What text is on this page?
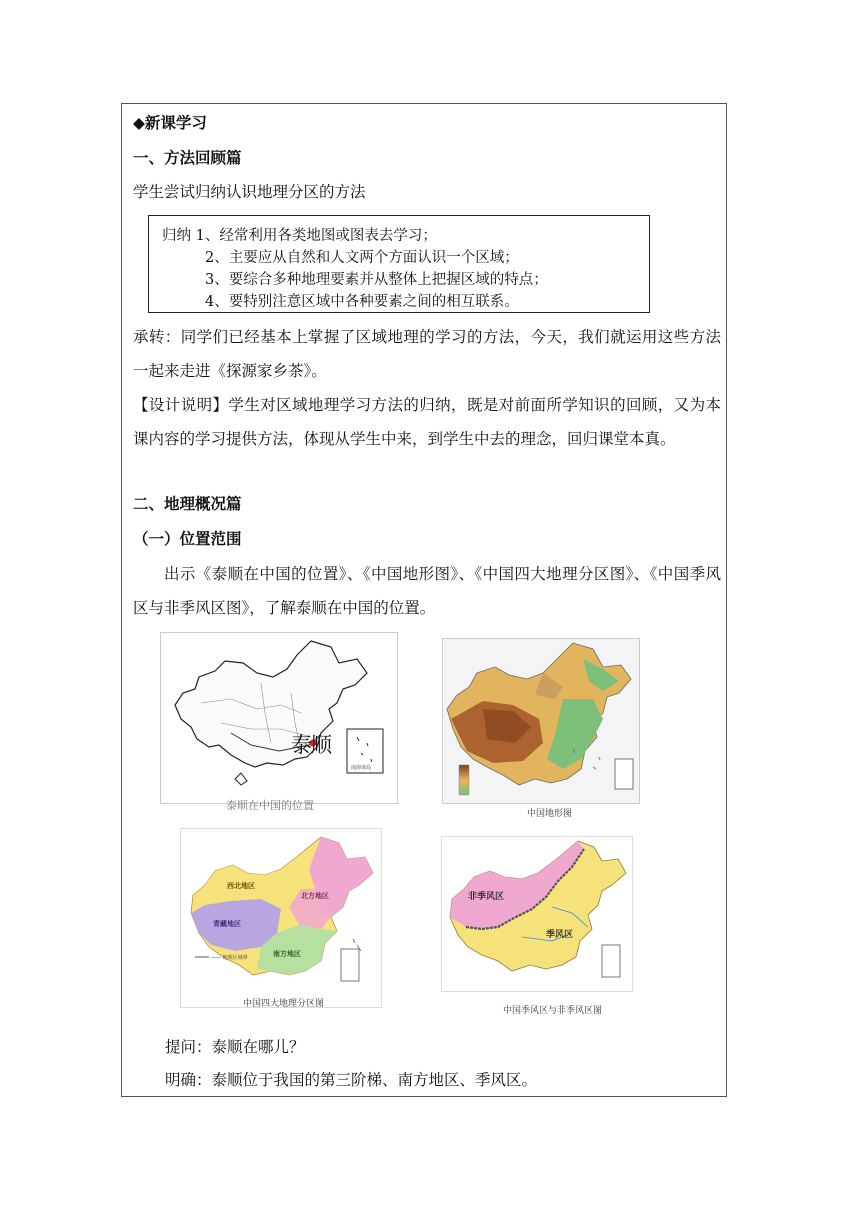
◆新课学习
一、方法回顾篇
学生尝试归纳认识地理分区的方法
归纳 1、经常利用各类地图或图表去学习；
2、主要应从自然和人文两个方面认识一个区域；
3、要综合多种地理要素并从整体上把握区域的特点；
4、要特别注意区域中各种要素之间的相互联系。
承转：同学们已经基本上掌握了区域地理的学习的方法，今天，我们就运用这些方法一起来走进《探源家乡茶》。
【设计说明】学生对区域地理学习方法的归纳，既是对前面所学知识的回顾，又为本课内容的学习提供方法，体现从学生中来，到学生中去的理念，回归课堂本真。
二、地理概况篇
（一）位置范围
出示《泰顺在中国的位置》、《中国地形图》、《中国四大地理分区图》、《中国季风区与非季风区图》，了解泰顺在中国的位置。
泰顺
南海诸岛
泰顺在中国的位置
中国地形图
西北地区
北方地区
青藏地区
南方地区
—— 地理区域界
中国四大地理分区图
非季风区
季风区
中国季风区与非季风区图
提问：泰顺在哪儿？
明确：泰顺位于我国的第三阶梯、南方地区、季风区。
